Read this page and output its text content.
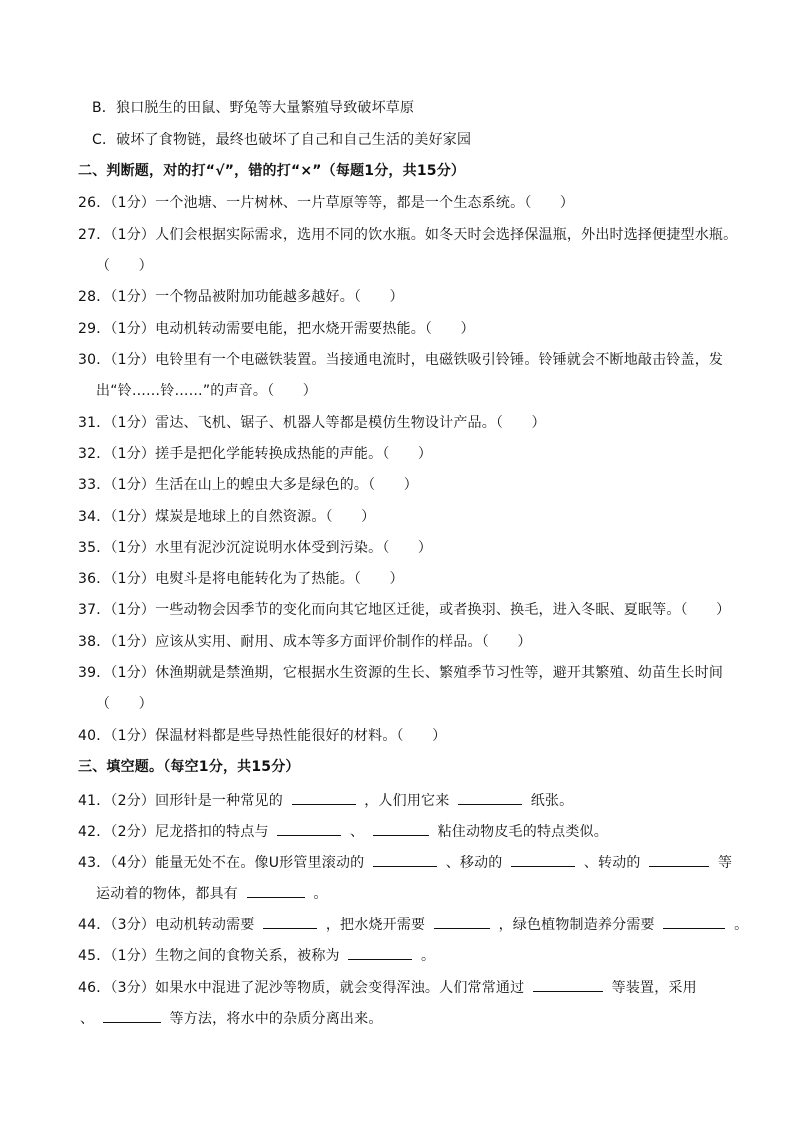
B．狼口脱生的田鼠、野兔等大量繁殖导致破坏草原
C．破坏了食物链，最终也破坏了自己和自己生活的美好家园
二、判断题，对的打“√”，错的打“×”（每题1分，共15分）
26．（1分）一个池塘、一片树林、一片草原等等，都是一个生态系统。（　　）
27．（1分）人们会根据实际需求，选用不同的饮水瓶。如冬天时会选择保温瓶，外出时选择便捷型水瓶。
（　　）
28．（1分）一个物品被附加功能越多越好。（　　）
29．（1分）电动机转动需要电能，把水烧开需要热能。（　　）
30．（1分）电铃里有一个电磁铁装置。当接通电流时，电磁铁吸引铃锤。铃锤就会不断地敲击铃盖，发
出“铃……铃……”的声音。（　　）
31．（1分）雷达、飞机、锯子、机器人等都是模仿生物设计产品。（　　）
32．（1分）搓手是把化学能转换成热能的声能。（　　）
33．（1分）生活在山上的蝗虫大多是绿色的。（　　）
34．（1分）煤炭是地球上的自然资源。（　　）
35．（1分）水里有泥沙沉淀说明水体受到污染。（　　）
36．（1分）电熨斗是将电能转化为了热能。（　　）
37．（1分）一些动物会因季节的变化而向其它地区迁徙，或者换羽、换毛，进入冬眠、夏眠等。（　　）
38．（1分）应该从实用、耐用、成本等多方面评价制作的样品。（　　）
39．（1分）休渔期就是禁渔期，它根据水生资源的生长、繁殖季节习性等，避开其繁殖、幼苗生长时间
（　　）
40．（1分）保温材料都是些导热性能很好的材料。（　　）
三、填空题。（每空1分，共15分）
41．（2分）回形针是一种常见的	，人们用它来	纸张。
42．（2分）尼龙搭扣的特点与	、	粘住动物皮毛的特点类似。
43．（4分）能量无处不在。像U形管里滚动的	、移动的	、转动的	等
运动着的物体，都具有	。
44．（3分）电动机转动需要	，把水烧开需要	，绿色植物制造养分需要	。
45．（1分）生物之间的食物关系，被称为	。
46．（3分）如果水中混进了泥沙等物质，就会变得浑浊。人们常常通过	等装置，采用
、	等方法，将水中的杂质分离出来。
